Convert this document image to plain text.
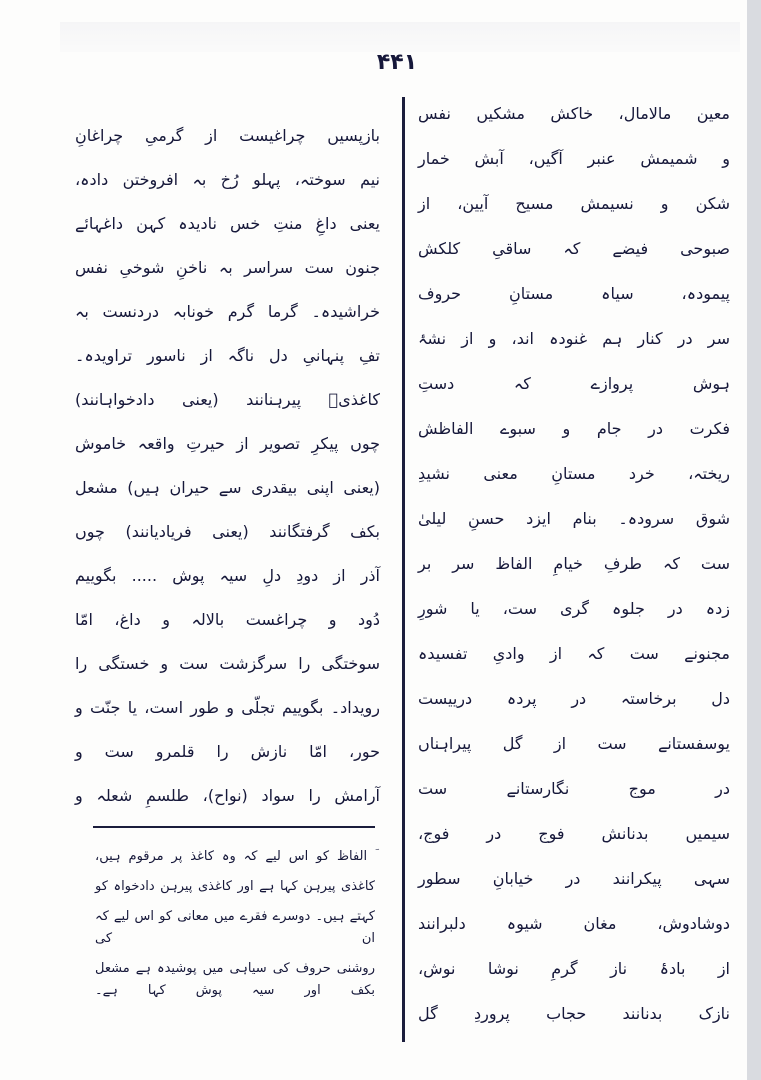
۴۴۱
بازپسیں چراغیست از گرمیِ چراغانِ
نیم سوختہ، پہلو رُخ بہ افروختن دادہ،
یعنی داغِ منتِ خس نادیدہ کہن داغہائے
جنون ست سراسر بہ ناخنِ شوخیِ نفس
خراشیدہ۔ گرما گرم خونابہ دردنست بہ
تفِ پنہانیِ دل ناگہ از ناسور تراویدہ۔
کاغذیؔ پیرہنانند (یعنی دادخواہانند)
چوں پیکرِ تصویر از حیرتِ واقعہ خاموش
(یعنی اپنی بیقدری سے حیران ہیں) مشعل
بکف گرفتگانند (یعنی فریادیانند) چوں
آذر از دودِ دلِ سیہ پوش ..... بگوییم
دُود و چراغست بالالہ و داغ، امّا
سوختگی را سرگزشت ست و خستگی را
رویداد۔ بگوییم تجلّی و طور است، یا جنّت و
حور، امّا نازش را قلمرو ست و
آرامش را سواد (نواح)، طلسمِ شعلہ و
ؔ الفاظ کو اس لیے کہ وہ کاغذ پر مرقوم ہیں،
کاغذی پیرہن کہا ہے اور کاغذی پیرہن دادخواہ کو
کہتے ہیں۔ دوسرے فقرے میں معانی کو اس لیے کہ ان کی
روشنی حروف کی سیاہی میں پوشیدہ ہے مشعل بکف اور سیہ پوش کہا ہے۔
معین مالامال، خاکش مشکیں نفس
و شمیمش عنبر آگیں، آبش خمار
شکن و نسیمش مسیح آیین، از
صبوحی فیضے کہ ساقیِ کلکش
پیمودہ، سیاہ مستانِ حروف
سر در کنار ہم غنودہ اند، و از نشۂ
ہوش پروازے کہ دستِ
فکرت در جام و سبوے الفاظش
ریختہ، خرد مستانِ معنی نشیدِ
شوق سرودہ۔ بنام ایزد حسنِ لیلیٰ
ست کہ طرفِ خیامِ الفاظ سر بر
زدہ در جلوہ گری ست، یا شورِ
مجنونے ست کہ از وادیِ تفسیدہ
دل برخاستہ در پردہ درییست
یوسفستانے ست از گل پیراہناں
در موج نگارستانے ست
سیمیں بدنانش فوج در فوج،
سہی پیکرانند در خیابانِ سطور
دوشادوش، مغان شیوہ دلبرانند
از بادۂ ناز گرمِ نوشا نوش،
نازک بدنانند حجاب پروردِ گل
